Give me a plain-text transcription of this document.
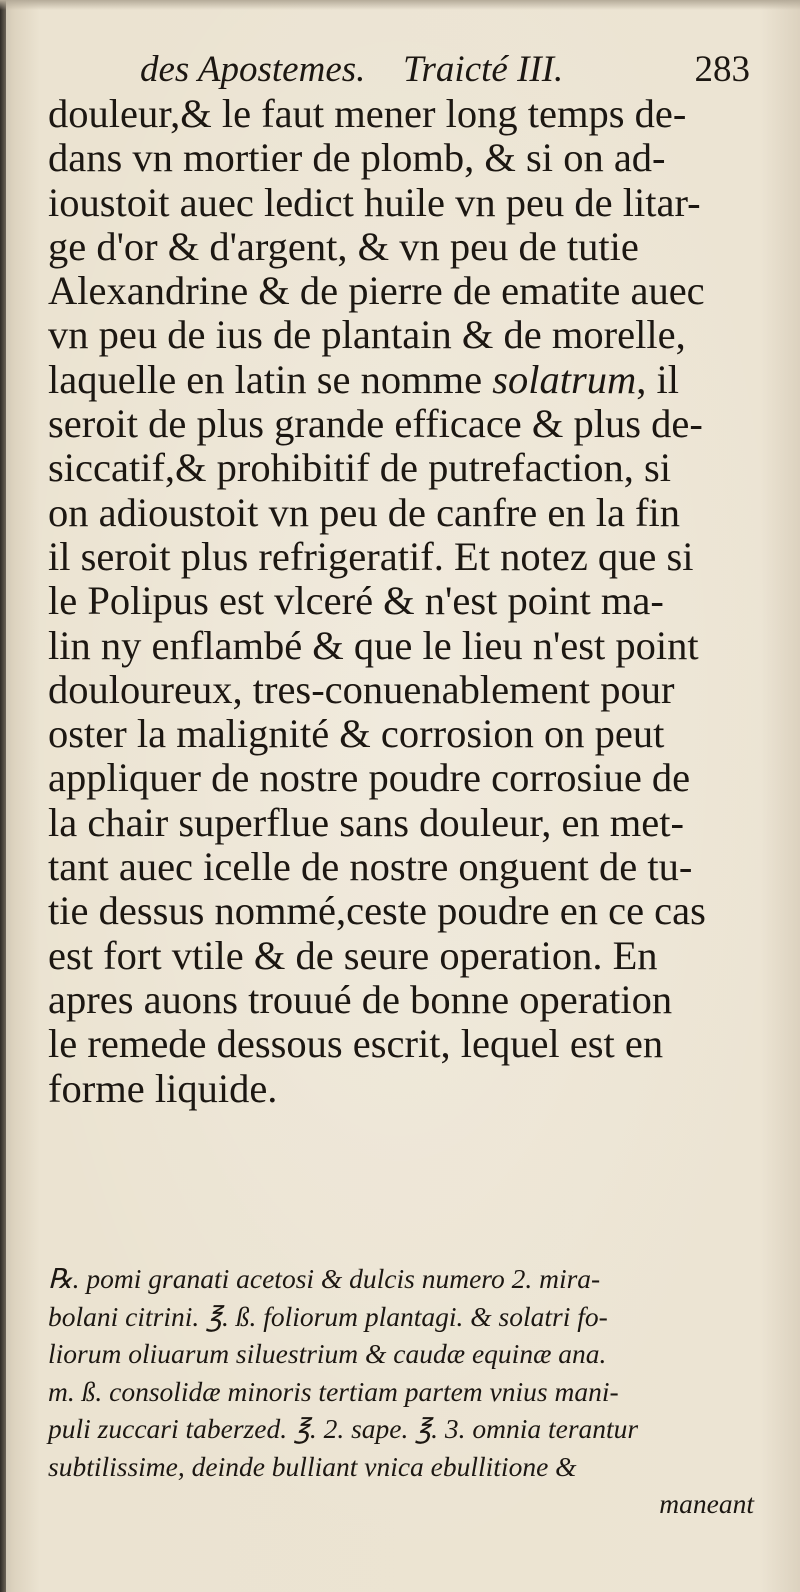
des Apostemes. Traicté III.	283
douleur,& le faut mener long temps de-
dans vn mortier de plomb, & si on ad-
ioustoit auec ledict huile vn peu de litar-
ge d'or & d'argent, & vn peu de tutie
Alexandrine & de pierre de ematite auec
vn peu de ius de plantain & de morelle,
laquelle en latin se nomme solatrum, il
seroit de plus grande efficace & plus de-
siccatif,& prohibitif de putrefaction, si
on adioustoit vn peu de canfre en la fin
il seroit plus refrigeratif. Et notez que si
le Polipus est vlceré & n'est point ma-
lin ny enflambé & que le lieu n'est point
douloureux, tres-conuenablement pour
oster la malignité & corrosion on peut
appliquer de nostre poudre corrosiue de
la chair superflue sans douleur, en met-
tant auec icelle de nostre onguent de tu-
tie dessus nommé,ceste poudre en ce cas
est fort vtile & de seure operation. En
apres auons trouué de bonne operation
le remede dessous escrit, lequel est en
forme liquide.
℞. pomi granati acetosi & dulcis numero 2. mira-
bolani citrini. ℥. ß. foliorum plantagi. & solatri fo-
liorum oliuarum siluestrium & caudæ equinæ ana.
m. ß. consolidæ minoris tertiam partem vnius mani-
puli zuccari taberzed. ℥. 2. sape. ℥. 3. omnia terantur
subtilissime, deinde bulliant vnica ebullitione &
maneant
